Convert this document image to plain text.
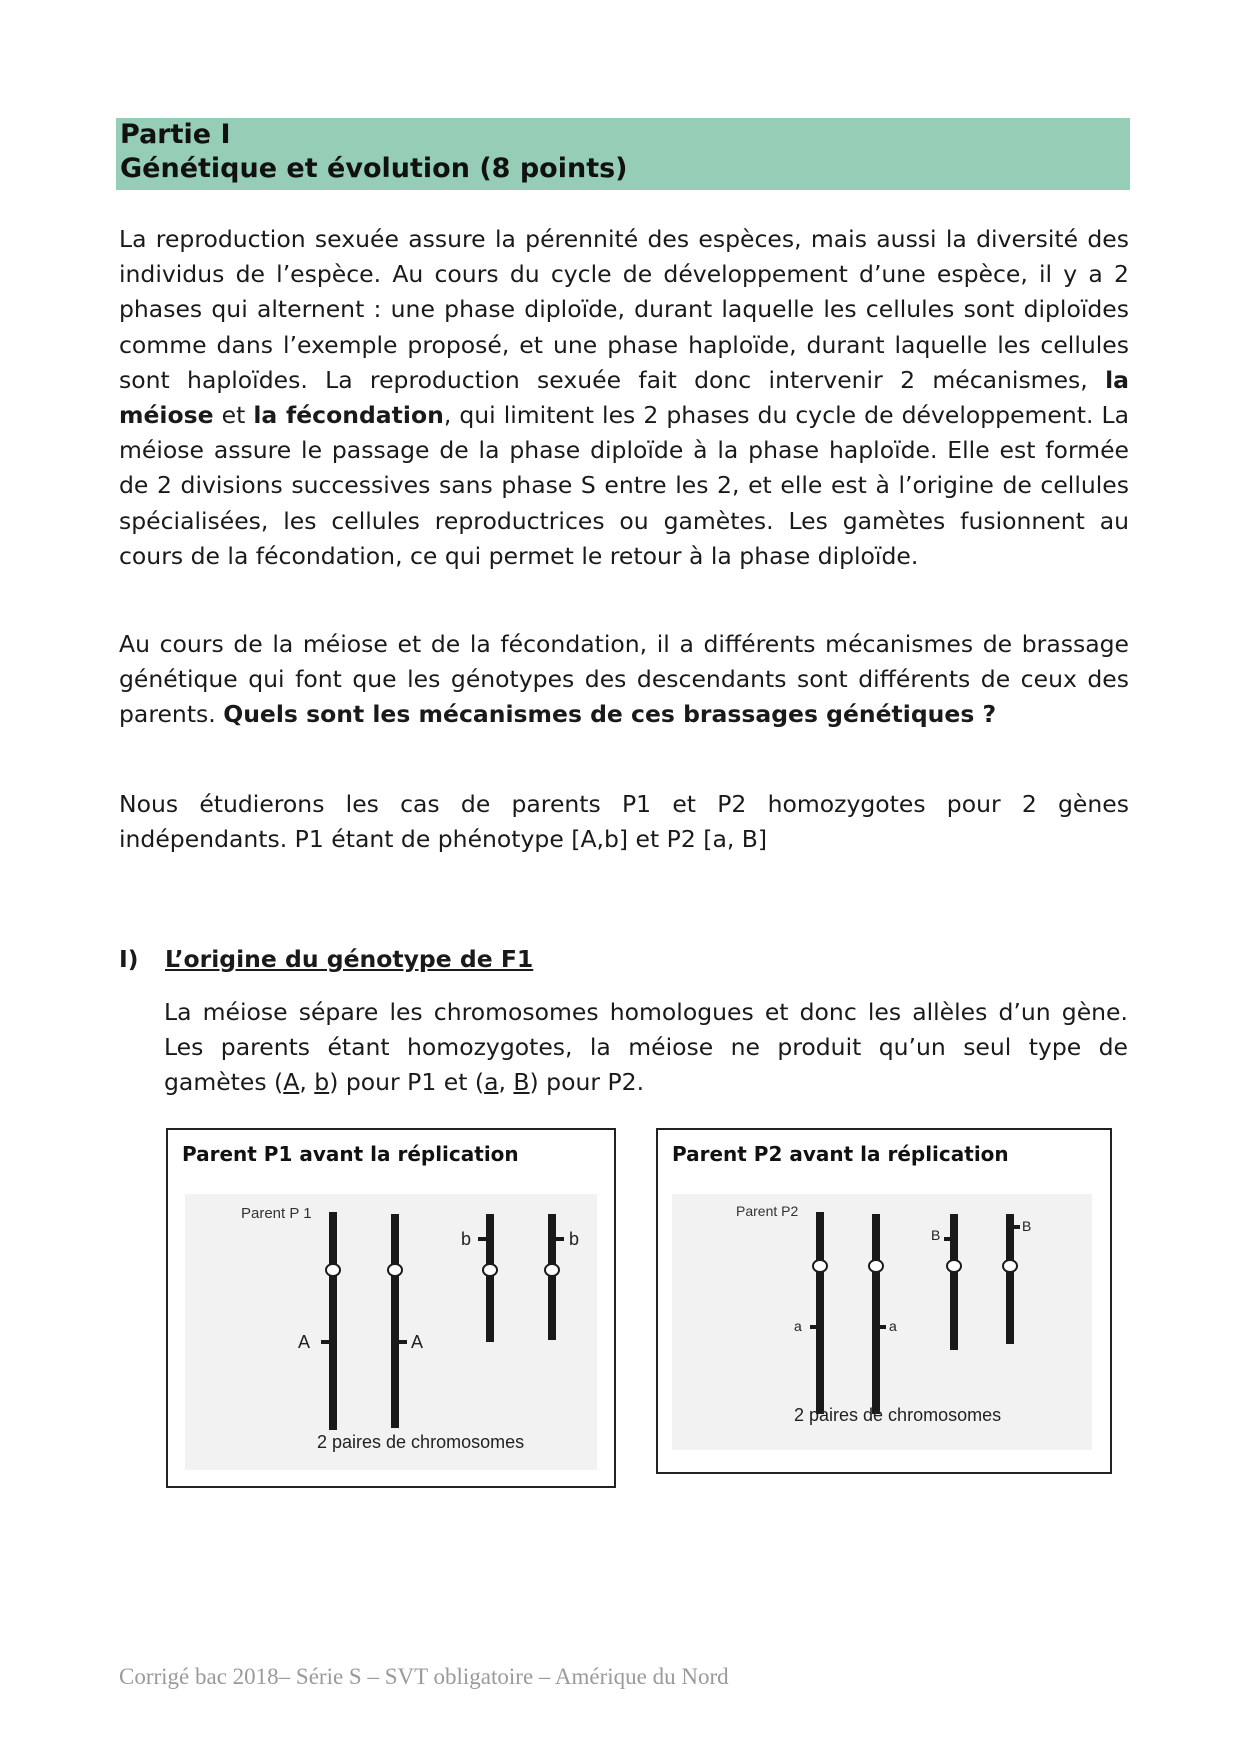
Partie I
Génétique et évolution (8 points)
La reproduction sexuée assure la pérennité des espèces, mais aussi la diversité des individus de l’espèce. Au cours du cycle de développement d’une espèce, il y a 2 phases qui alternent : une phase diploïde, durant laquelle les cellules sont diploïdes comme dans l’exemple proposé, et une phase haploïde, durant laquelle les cellules sont haploïdes. La reproduction sexuée fait donc intervenir 2 mécanismes, la méiose et la fécondation, qui limitent les 2 phases du cycle de développement. La méiose assure le passage de la phase diploïde à la phase haploïde. Elle est formée de 2 divisions successives sans phase S entre les 2, et elle est à l’origine de cellules spécialisées, les cellules reproductrices ou gamètes. Les gamètes fusionnent au cours de la fécondation, ce qui permet le retour à la phase diploïde.
Au cours de la méiose et de la fécondation, il a différents mécanismes de brassage génétique qui font que les génotypes des descendants sont différents de ceux des parents. Quels sont les mécanismes de ces brassages génétiques ?
Nous étudierons les cas de parents P1 et P2 homozygotes pour 2 gènes indépendants. P1 étant de phénotype [A,b] et P2 [a, B]
I) L’origine du génotype de F1
La méiose sépare les chromosomes homologues et donc les allèles d’un gène. Les parents étant homozygotes, la méiose ne produit qu’un seul type de gamètes (A, b) pour P1 et (a, B) pour P2.
Parent P1 avant la réplication
Parent P 1
A	A
b	b
2 paires de chromosomes
Parent P2 avant la réplication
Parent P2
a	a
B
B
2 paires de chromosomes
Corrigé bac 2018– Série S – SVT obligatoire – Amérique du Nord
